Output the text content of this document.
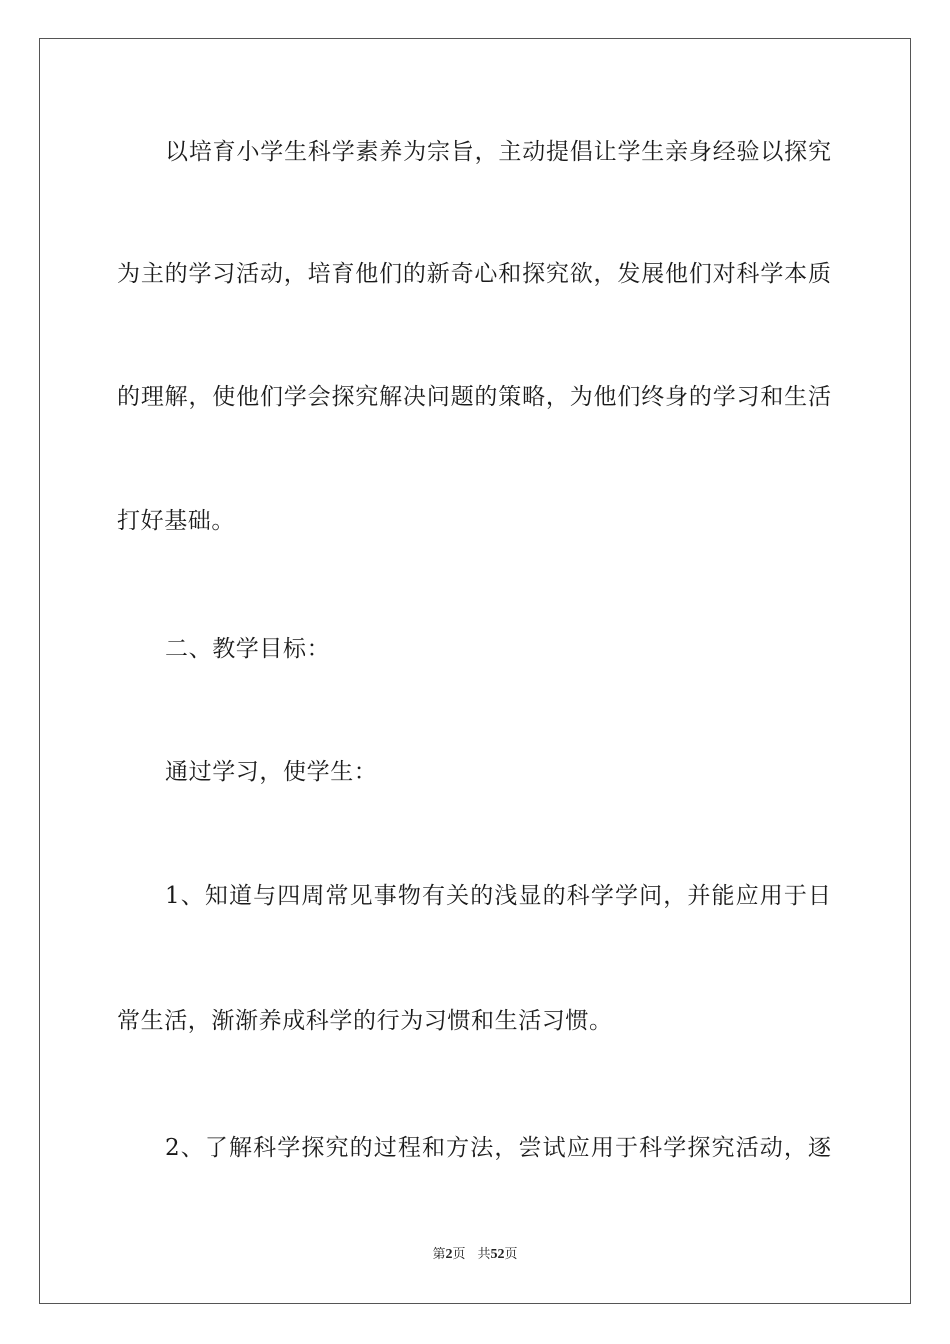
以培育小学生科学素养为宗旨，主动提倡让学生亲身经验以探究
为主的学习活动，培育他们的新奇心和探究欲，发展他们对科学本质
的理解，使他们学会探究解决问题的策略，为他们终身的学习和生活
打好基础。
二、教学目标：
通过学习，使学生：
1、知道与四周常见事物有关的浅显的科学学问，并能应用于日
常生活，渐渐养成科学的行为习惯和生活习惯。
2、了解科学探究的过程和方法，尝试应用于科学探究活动，逐
第2页 共52页
